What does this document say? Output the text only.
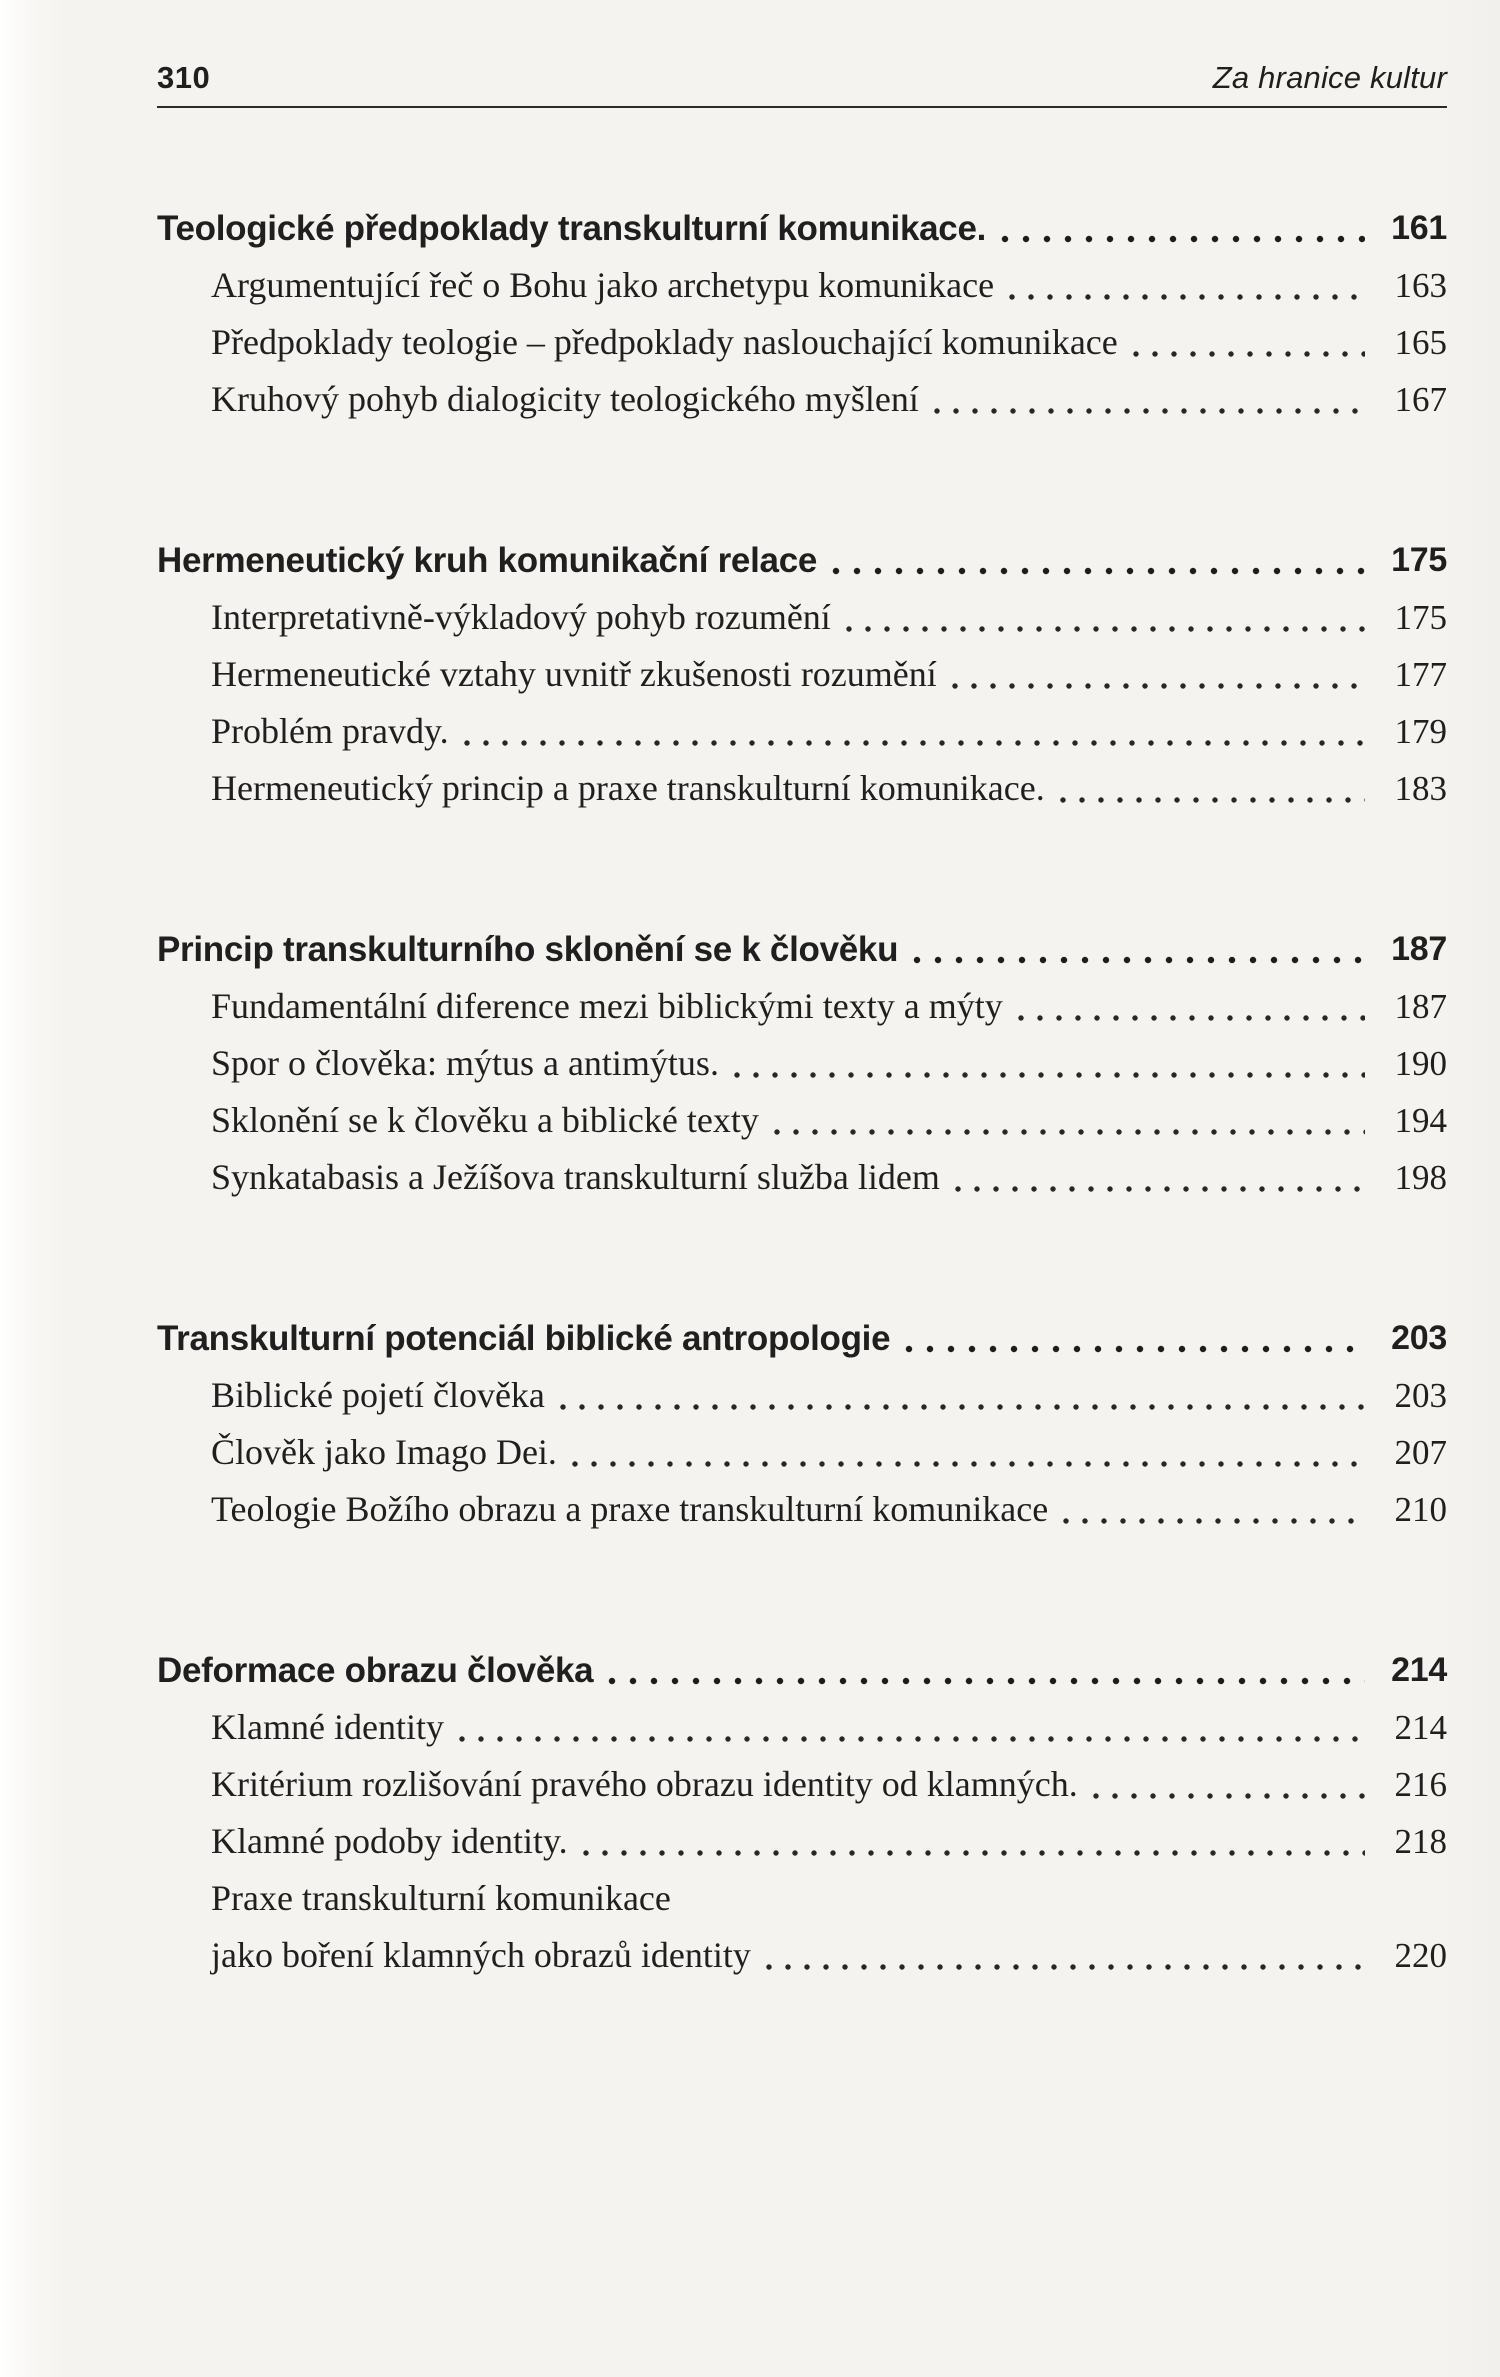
310	Za hranice kultur
Teologické předpoklady transkulturní komunikace.	161
Argumentující řeč o Bohu jako archetypu komunikace	163
Předpoklady teologie – předpoklady naslouchající komunikace	165
Kruhový pohyb dialogicity teologického myšlení	167
Hermeneutický kruh komunikační relace	175
Interpretativně-výkladový pohyb rozumění	175
Hermeneutické vztahy uvnitř zkušenosti rozumění	177
Problém pravdy.	179
Hermeneutický princip a praxe transkulturní komunikace.	183
Princip transkulturního sklonění se k člověku	187
Fundamentální diference mezi biblickými texty a mýty	187
Spor o člověka: mýtus a antimýtus.	190
Sklonění se k člověku a biblické texty	194
Synkatabasis a Ježíšova transkulturní služba lidem	198
Transkulturní potenciál biblické antropologie	203
Biblické pojetí člověka	203
Člověk jako Imago Dei.	207
Teologie Božího obrazu a praxe transkulturní komunikace	210
Deformace obrazu člověka	214
Klamné identity	214
Kritérium rozlišování pravého obrazu identity od klamných.	216
Klamné podoby identity.	218
Praxe transkulturní komunikace
jako boření klamných obrazů identity	220
